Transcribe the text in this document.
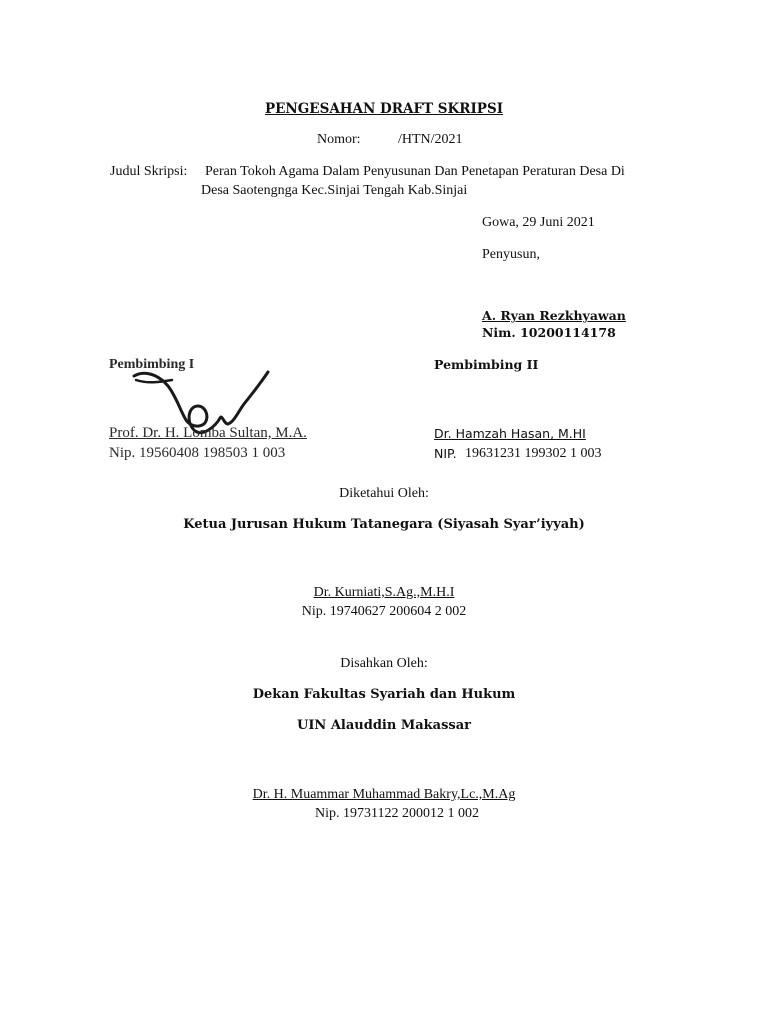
PENGESAHAN DRAFT SKRIPSI
Nomor:	/HTN/2021
Judul Skripsi: Peran Tokoh Agama Dalam Penyusunan Dan Penetapan Peraturan Desa Di
Desa Saotengnga Kec.Sinjai Tengah Kab.Sinjai
Gowa, 29 Juni 2021
Penyusun,
A. Ryan Rezkhyawan
Nim. 10200114178
Pembimbing I
Prof. Dr. H. Lomba Sultan, M.A.
Nip. 19560408 198503 1 003
Pembimbing II
Dr. Hamzah Hasan, M.HI
NIP. 19631231 199302 1 003
Diketahui Oleh:
Ketua Jurusan Hukum Tatanegara (Siyasah Syar’iyyah)
Dr. Kurniati,S.Ag.,M.H.I
Nip. 19740627 200604 2 002
Disahkan Oleh:
Dekan Fakultas Syariah dan Hukum
UIN Alauddin Makassar
Dr. H. Muammar Muhammad Bakry,Lc.,M.Ag
Nip. 19731122 200012 1 002
